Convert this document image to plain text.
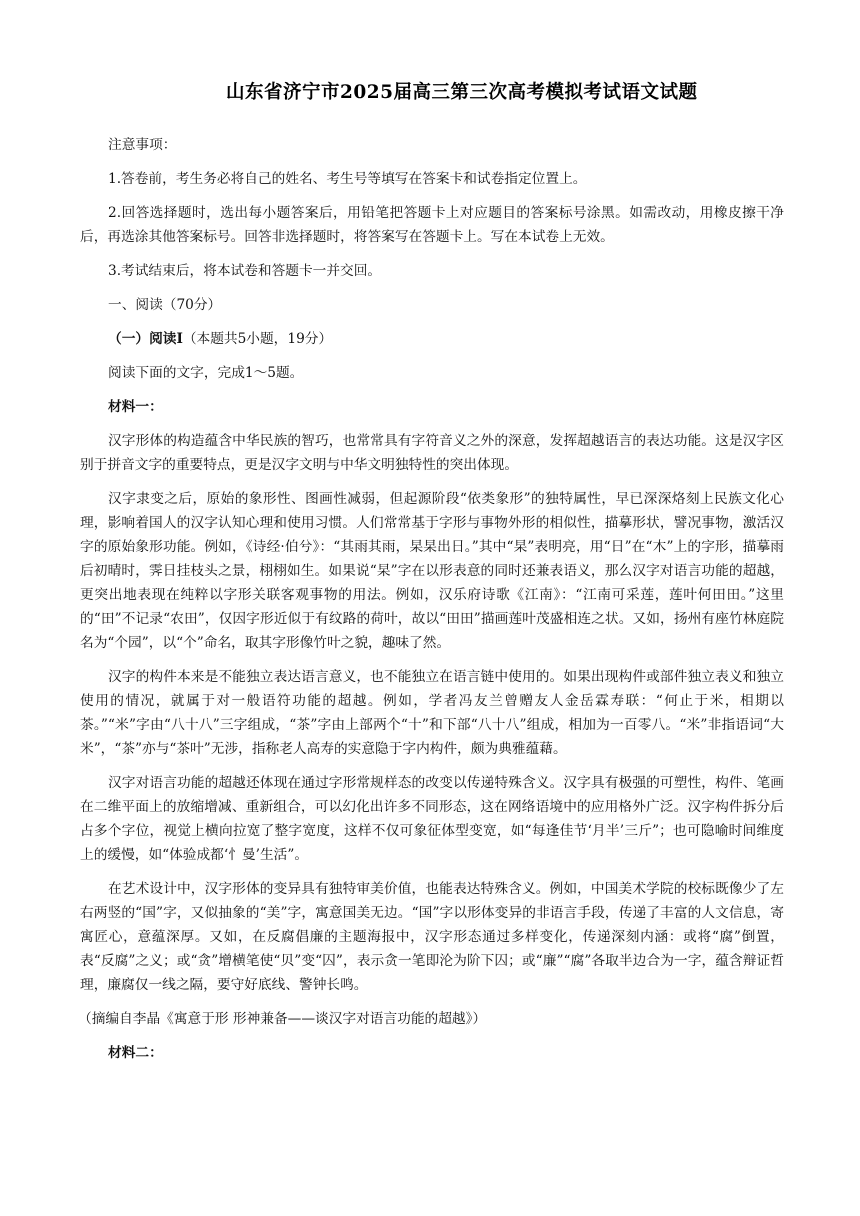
山东省济宁市2025届高三第三次高考模拟考试语文试题

注意事项：

1.答卷前，考生务必将自己的姓名、考生号等填写在答案卡和试卷指定位置上。

2.回答选择题时，选出每小题答案后，用铅笔把答题卡上对应题目的答案标号涂黑。如需改动，用橡皮擦干净后，再选涂其他答案标号。回答非选择题时，将答案写在答题卡上。写在本试卷上无效。

3.考试结束后，将本试卷和答题卡一并交回。

一、阅读（70分）

（一）阅读Ⅰ（本题共5小题，19分）

阅读下面的文字，完成1～5题。

材料一：

汉字形体的构造蕴含中华民族的智巧，也常常具有字符音义之外的深意，发挥超越语言的表达功能。这是汉字区别于拼音文字的重要特点，更是汉字文明与中华文明独特性的突出体现。

汉字隶变之后，原始的象形性、图画性减弱，但起源阶段“依类象形”的独特属性，早已深深烙刻上民族文化心理，影响着国人的汉字认知心理和使用习惯。人们常常基于字形与事物外形的相似性，描摹形状，譬况事物，激活汉字的原始象形功能。例如，《诗经·伯兮》：“其雨其雨，杲杲出日。”其中“杲”表明亮，用“日”在“木”上的字形，描摹雨后初晴时，霁日挂枝头之景，栩栩如生。如果说“杲”字在以形表意的同时还兼表语义，那么汉字对语言功能的超越，更突出地表现在纯粹以字形关联客观事物的用法。例如，汉乐府诗歌《江南》：“江南可采莲，莲叶何田田。”这里的“田”不记录“农田”，仅因字形近似于有纹路的荷叶，故以“田田”描画莲叶茂盛相连之状。又如，扬州有座竹林庭院名为“个园”，以“个”命名，取其字形像竹叶之貌，趣味了然。

汉字的构件本来是不能独立表达语言意义，也不能独立在语言链中使用的。如果出现构件或部件独立表义和独立使用的情况，就属于对一般语符功能的超越。例如，学者冯友兰曾赠友人金岳霖寿联：“何止于米，相期以茶。”“米”字由“八十八”三字组成，“茶”字由上部两个“十”和下部“八十八”组成，相加为一百零八。“米”非指语词“大米”，“茶”亦与“茶叶”无涉，指称老人高寿的实意隐于字内构件，颇为典雅蕴藉。

汉字对语言功能的超越还体现在通过字形常规样态的改变以传递特殊含义。汉字具有极强的可塑性，构件、笔画在二维平面上的放缩增减、重新组合，可以幻化出许多不同形态，这在网络语境中的应用格外广泛。汉字构件拆分后占多个字位，视觉上横向拉宽了整字宽度，这样不仅可象征体型变宽，如“每逢佳节‘月半’三斤”；也可隐喻时间维度上的缓慢，如“体验成都‘忄曼’生活”。

在艺术设计中，汉字形体的变异具有独特审美价值，也能表达特殊含义。例如，中国美术学院的校标既像少了左右两竖的“国”字，又似抽象的“美”字，寓意国美无边。“国”字以形体变异的非语言手段，传递了丰富的人文信息，寄寓匠心，意蕴深厚。又如，在反腐倡廉的主题海报中，汉字形态通过多样变化，传递深刻内涵：或将“腐”倒置，表“反腐”之义；或“贪”增横笔使“贝”变“囚”，表示贪一笔即沦为阶下囚；或“廉”“腐”各取半边合为一字，蕴含辩证哲理，廉腐仅一线之隔，要守好底线、警钟长鸣。

（摘编自李晶《寓意于形 形神兼备——谈汉字对语言功能的超越》）

材料二：
